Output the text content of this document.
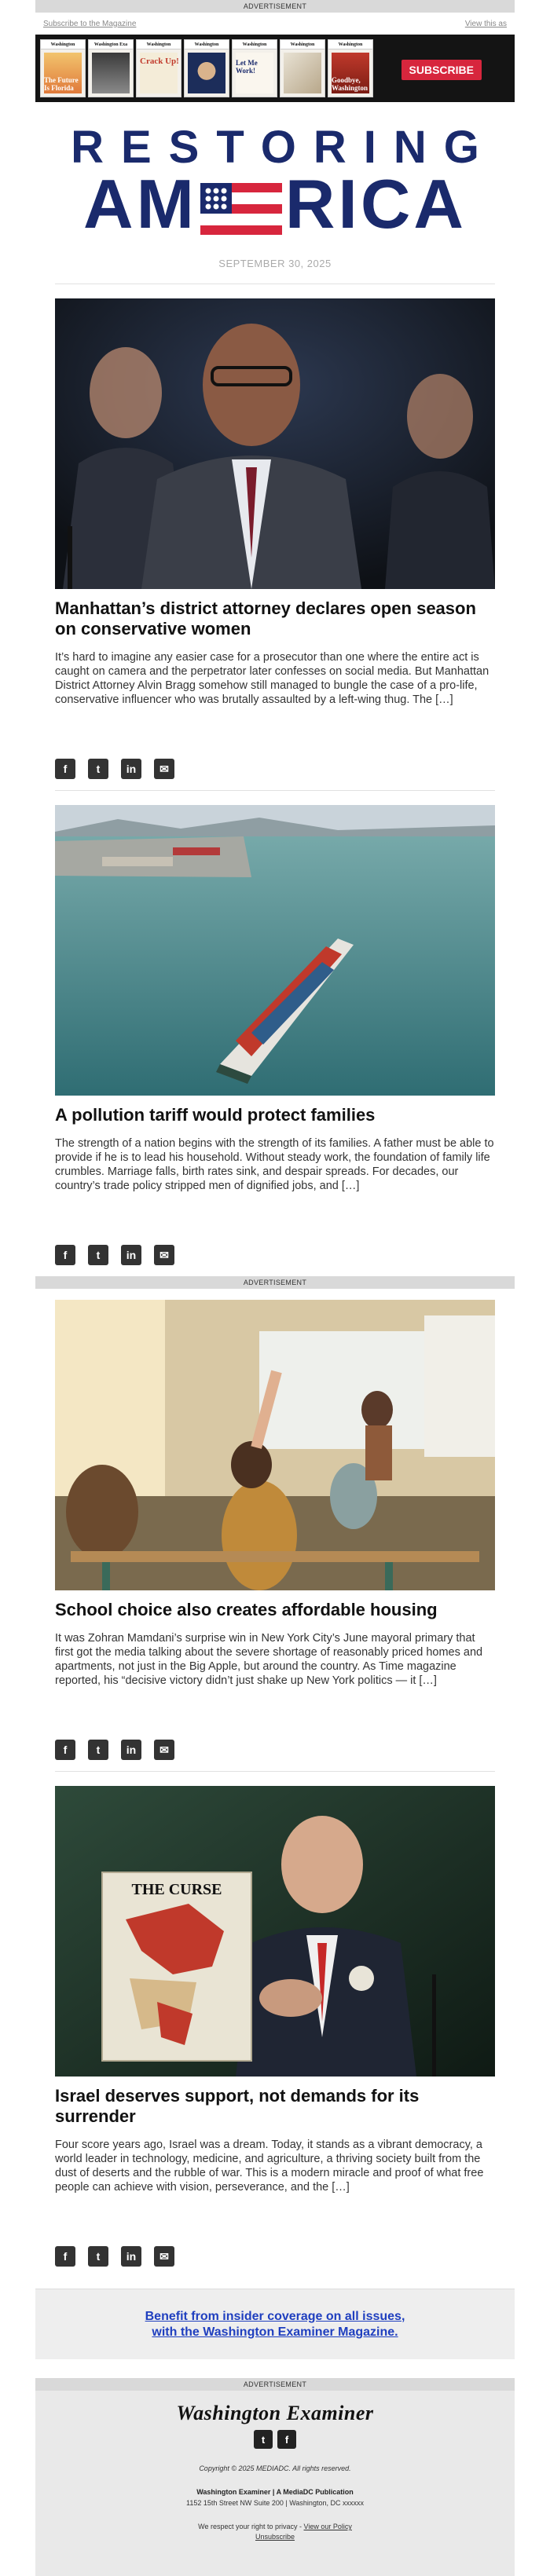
ADVERTISEMENT
Subscribe to the Magazine	View this as
Washington
The Future Is Florida
Washington Exa	Washington
Crack Up!
Washington	Washington
Let Me Work!
Washington	Washington
Goodbye, Washington
SUBSCRIBE
RESTORING
AM RICA
SEPTEMBER 30, 2025
Manhattan’s district attorney declares open season on conservative women

It’s hard to imagine any easier case for a prosecutor than one where the entire act is caught on camera and the perpetrator later confesses on social media. But Manhattan District Attorney Alvin Bragg somehow still managed to bungle the case of a pro-life, conservative influencer who was brutally assaulted by a left-wing thug. The […]

f	t	in	✉
A pollution tariff would protect families

The strength of a nation begins with the strength of its families. A father must be able to provide if he is to lead his household. Without steady work, the foundation of family life crumbles. Marriage falls, birth rates sink, and despair spreads. For decades, our country’s trade policy stripped men of dignified jobs, and […]

f	t	in	✉
ADVERTISEMENT
School choice also creates affordable housing

It was Zohran Mamdani’s surprise win in New York City’s June mayoral primary that first got the media talking about the severe shortage of reasonably priced homes and apartments, not just in the Big Apple, but around the country. As Time magazine reported, his “decisive victory didn’t just shake up New York politics — it […]

f	t	in	✉
THE CURSE
Israel deserves support, not demands for its surrender

Four score years ago, Israel was a dream. Today, it stands as a vibrant democracy, a world leader in technology, medicine, and agriculture, a thriving society built from the dust of deserts and the rubble of war. This is a modern miracle and proof of what free people can achieve with vision, perseverance, and the […]

f	t	in	✉
Benefit from insider coverage on all issues,
with the Washington Examiner Magazine.
ADVERTISEMENT
Washington Examiner
t	f
Copyright © 2025 MEDIADC. All rights reserved.
Washington Examiner | A MediaDC Publication
1152 15th Street NW Suite 200 | Washington, DC xxxxxx
We respect your right to privacy - View our Policy
Unsubscribe
